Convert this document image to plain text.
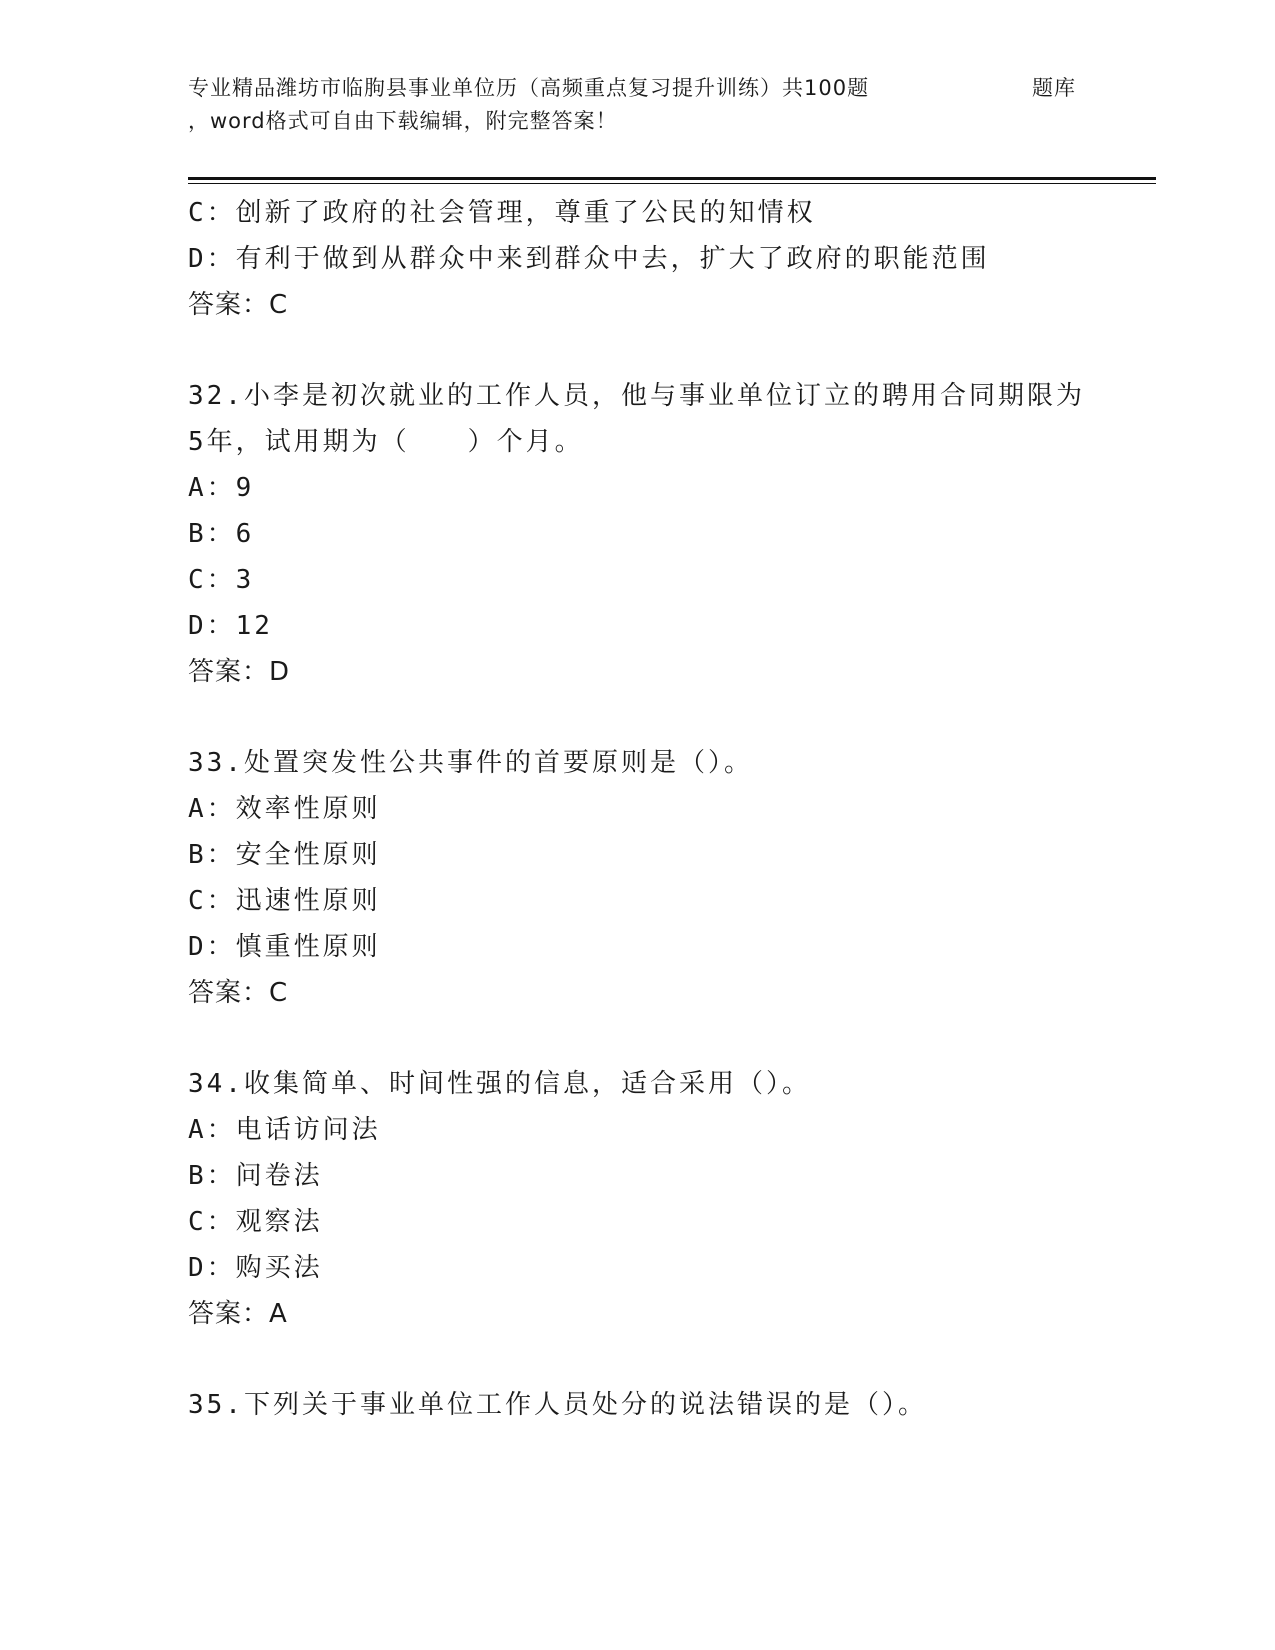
专业精品潍坊市临朐县事业单位历（高频重点复习提升训练）共100题	题库
，word格式可自由下载编辑，附完整答案！
C：创新了政府的社会管理，尊重了公民的知情权
D：有利于做到从群众中来到群众中去，扩大了政府的职能范围
答案：C
32.小李是初次就业的工作人员，他与事业单位订立的聘用合同期限为
5年，试用期为（　　）个月。
A：9
B：6
C：3
D：12
答案：D
33.处置突发性公共事件的首要原则是（）。
A：效率性原则
B：安全性原则
C：迅速性原则
D：慎重性原则
答案：C
34.收集简单、时间性强的信息，适合采用（）。
A：电话访问法
B：问卷法
C：观察法
D：购买法
答案：A
35.下列关于事业单位工作人员处分的说法错误的是（）。
